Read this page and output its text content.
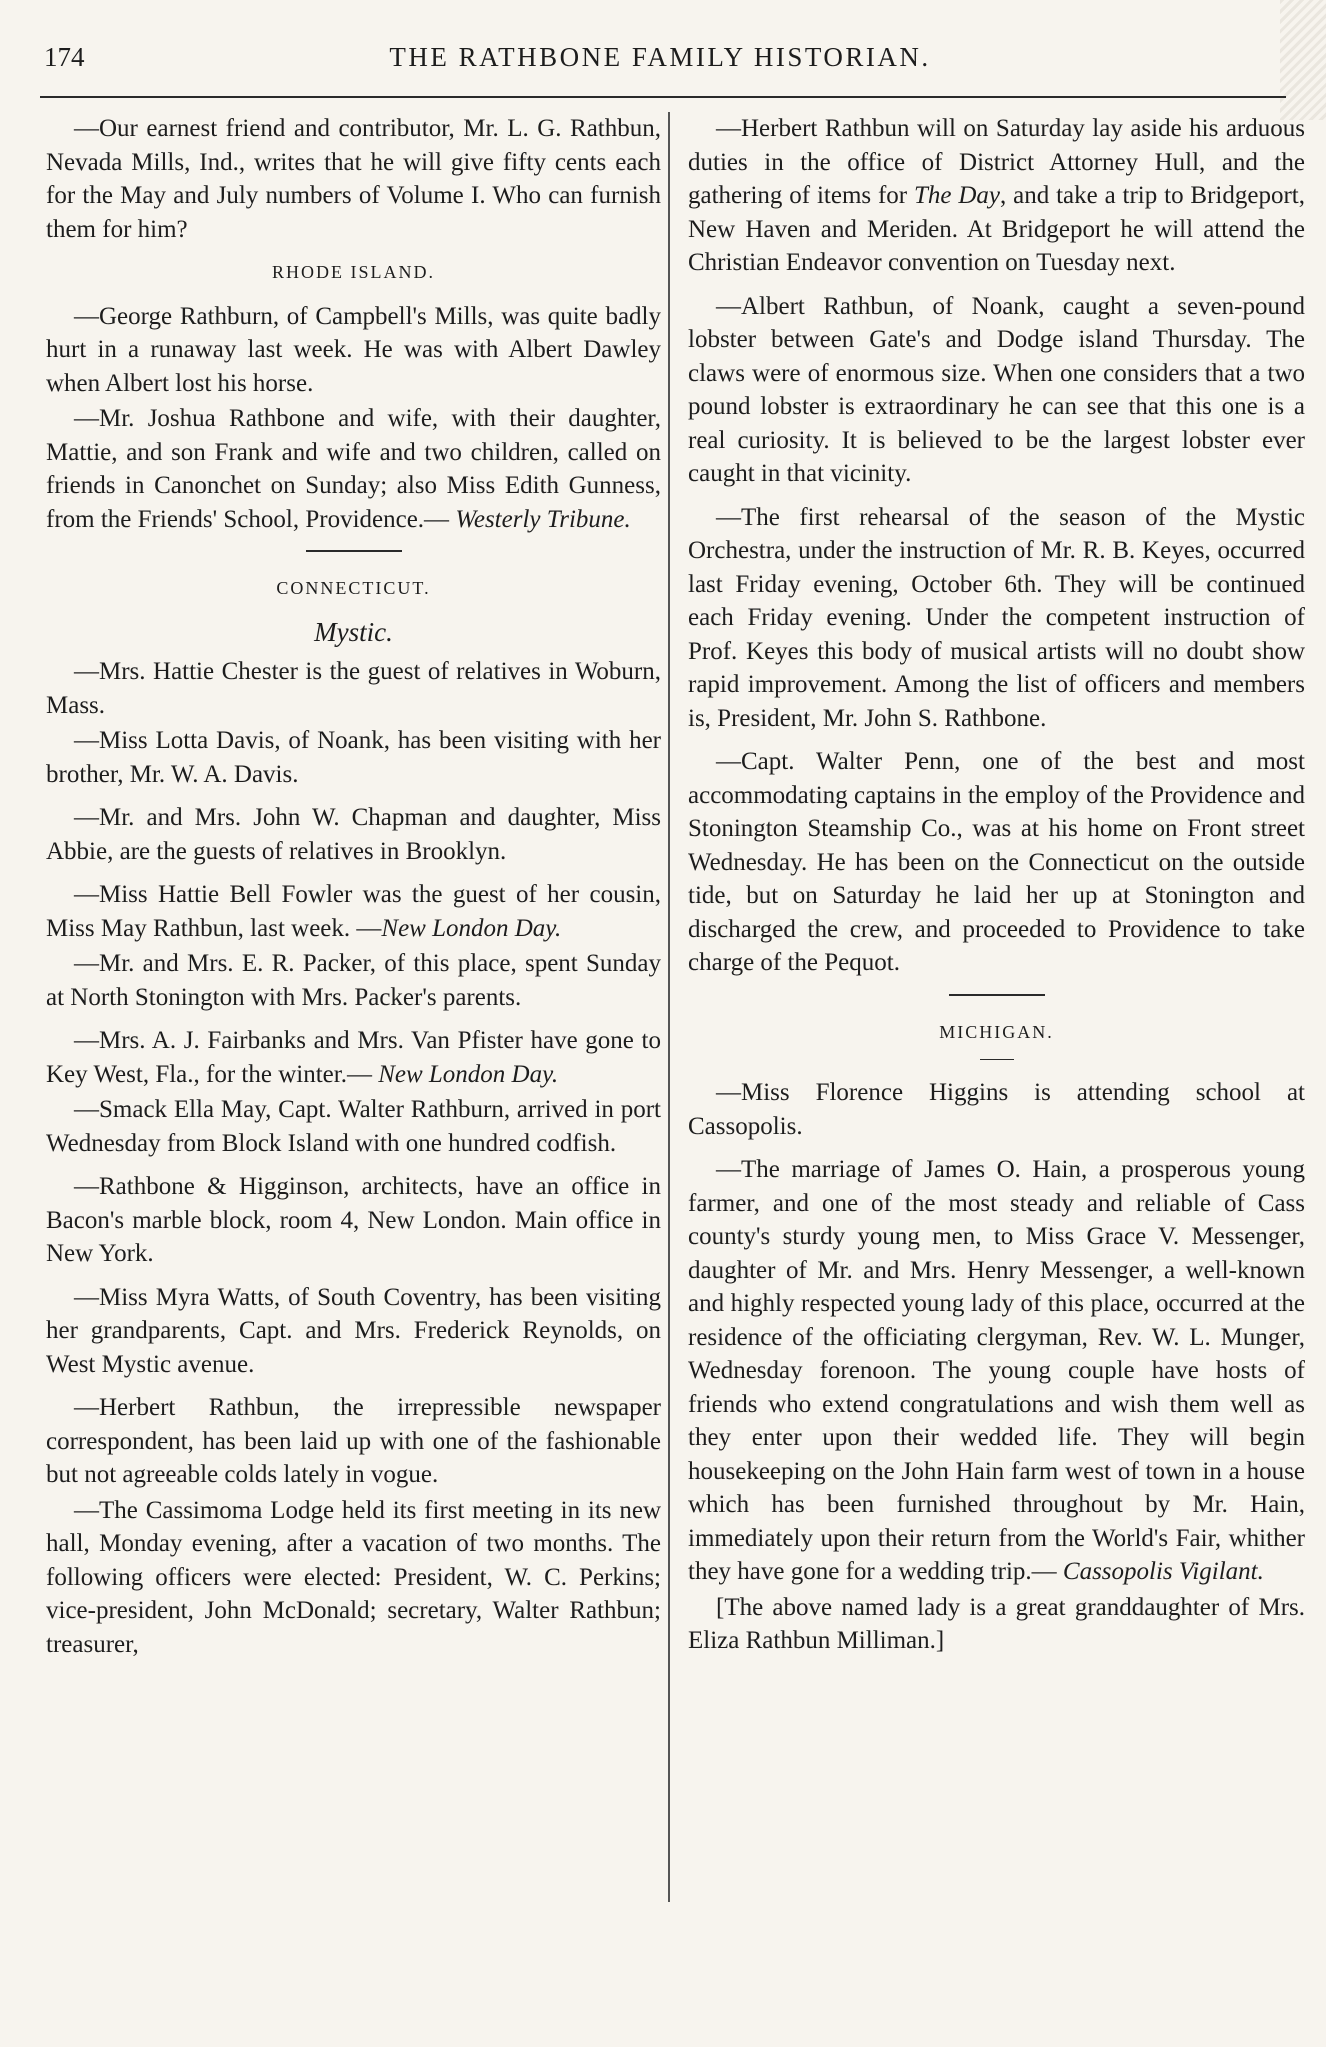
174	THE RATHBONE FAMILY HISTORIAN.

—Our earnest friend and contributor, Mr. L. G. Rathbun, Nevada Mills, Ind., writes that he will give fifty cents each for the May and July numbers of Volume I. Who can furnish them for him?

RHODE ISLAND.

—George Rathburn, of Campbell's Mills, was quite badly hurt in a runaway last week. He was with Albert Dawley when Albert lost his horse.

—Mr. Joshua Rathbone and wife, with their daughter, Mattie, and son Frank and wife and two children, called on friends in Canonchet on Sunday; also Miss Edith Gunness, from the Friends' School, Providence.— Westerly Tribune.

CONNECTICUT.
Mystic.

—Mrs. Hattie Chester is the guest of relatives in Woburn, Mass.

—Miss Lotta Davis, of Noank, has been visiting with her brother, Mr. W. A. Davis.

—Mr. and Mrs. John W. Chapman and daughter, Miss Abbie, are the guests of relatives in Brooklyn.

—Miss Hattie Bell Fowler was the guest of her cousin, Miss May Rathbun, last week. —New London Day.

—Mr. and Mrs. E. R. Packer, of this place, spent Sunday at North Stonington with Mrs. Packer's parents.

—Mrs. A. J. Fairbanks and Mrs. Van Pfister have gone to Key West, Fla., for the winter.— New London Day.

—Smack Ella May, Capt. Walter Rathburn, arrived in port Wednesday from Block Island with one hundred codfish.

—Rathbone & Higginson, architects, have an office in Bacon's marble block, room 4, New London. Main office in New York.

—Miss Myra Watts, of South Coventry, has been visiting her grandparents, Capt. and Mrs. Frederick Reynolds, on West Mystic avenue.

—Herbert Rathbun, the irrepressible newspaper correspondent, has been laid up with one of the fashionable but not agreeable colds lately in vogue.

—The Cassimoma Lodge held its first meeting in its new hall, Monday evening, after a vacation of two months. The following officers were elected: President, W. C. Perkins; vice-president, John McDonald; secretary, Walter Rathbun; treasurer,

—Herbert Rathbun will on Saturday lay aside his arduous duties in the office of District Attorney Hull, and the gathering of items for The Day, and take a trip to Bridgeport, New Haven and Meriden. At Bridgeport he will attend the Christian Endeavor convention on Tuesday next.

—Albert Rathbun, of Noank, caught a seven-pound lobster between Gate's and Dodge island Thursday. The claws were of enormous size. When one considers that a two pound lobster is extraordinary he can see that this one is a real curiosity. It is believed to be the largest lobster ever caught in that vicinity.

—The first rehearsal of the season of the Mystic Orchestra, under the instruction of Mr. R. B. Keyes, occurred last Friday evening, October 6th. They will be continued each Friday evening. Under the competent instruction of Prof. Keyes this body of musical artists will no doubt show rapid improvement. Among the list of officers and members is, President, Mr. John S. Rathbone.

—Capt. Walter Penn, one of the best and most accommodating captains in the employ of the Providence and Stonington Steamship Co., was at his home on Front street Wednesday. He has been on the Connecticut on the outside tide, but on Saturday he laid her up at Stonington and discharged the crew, and proceeded to Providence to take charge of the Pequot.

MICHIGAN.

—Miss Florence Higgins is attending school at Cassopolis.

—The marriage of James O. Hain, a prosperous young farmer, and one of the most steady and reliable of Cass county's sturdy young men, to Miss Grace V. Messenger, daughter of Mr. and Mrs. Henry Messenger, a well-known and highly respected young lady of this place, occurred at the residence of the officiating clergyman, Rev. W. L. Munger, Wednesday forenoon. The young couple have hosts of friends who extend congratulations and wish them well as they enter upon their wedded life. They will begin housekeeping on the John Hain farm west of town in a house which has been furnished throughout by Mr. Hain, immediately upon their return from the World's Fair, whither they have gone for a wedding trip.— Cassopolis Vigilant.

[The above named lady is a great granddaughter of Mrs. Eliza Rathbun Milliman.]
